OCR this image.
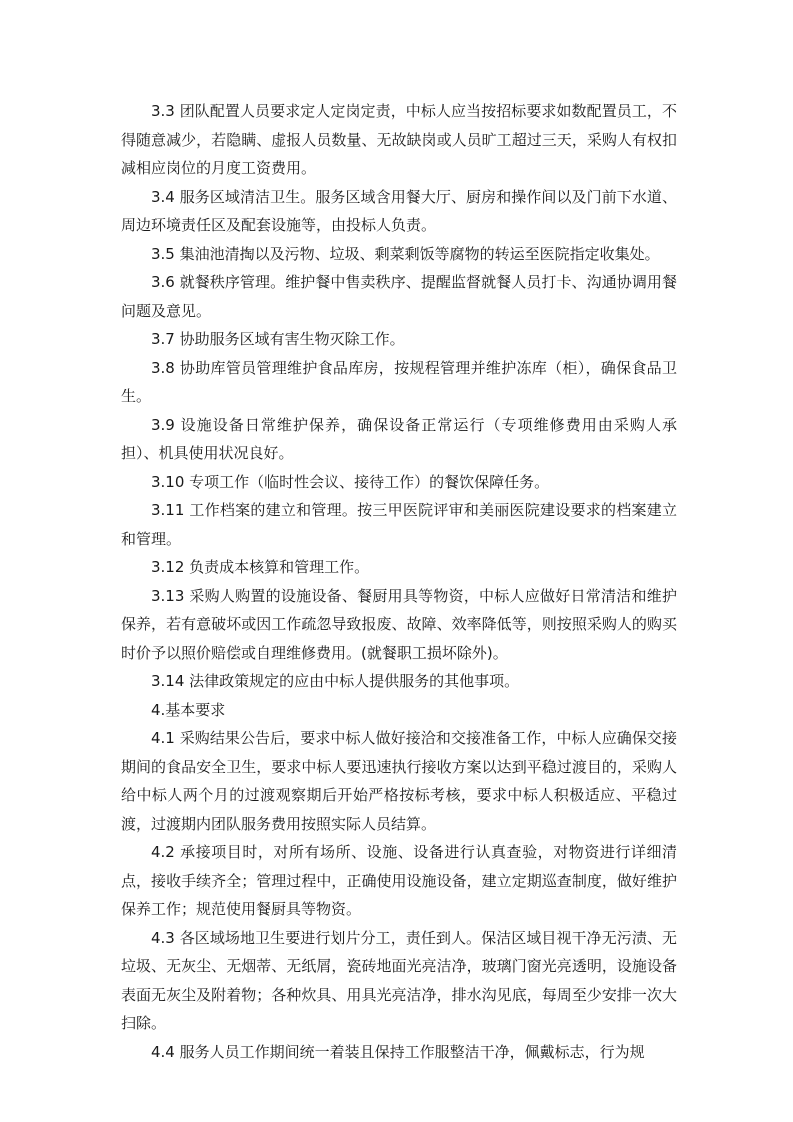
3.3 团队配置人员要求定人定岗定责，中标人应当按招标要求如数配置员工，不得随意减少，若隐瞒、虚报人员数量、无故缺岗或人员旷工超过三天，采购人有权扣减相应岗位的月度工资费用。

3.4 服务区域清洁卫生。服务区域含用餐大厅、厨房和操作间以及门前下水道、周边环境责任区及配套设施等，由投标人负责。

3.5 集油池清掏以及污物、垃圾、剩菜剩饭等腐物的转运至医院指定收集处。

3.6 就餐秩序管理。维护餐中售卖秩序、提醒监督就餐人员打卡、沟通协调用餐问题及意见。

3.7 协助服务区域有害生物灭除工作。

3.8 协助库管员管理维护食品库房，按规程管理并维护冻库（柜），确保食品卫生。

3.9 设施设备日常维护保养，确保设备正常运行（专项维修费用由采购人承担）、机具使用状况良好。

3.10 专项工作（临时性会议、接待工作）的餐饮保障任务。

3.11 工作档案的建立和管理。按三甲医院评审和美丽医院建设要求的档案建立和管理。

3.12 负责成本核算和管理工作。

3.13 采购人购置的设施设备、餐厨用具等物资，中标人应做好日常清洁和维护保养，若有意破坏或因工作疏忽导致报废、故障、效率降低等，则按照采购人的购买时价予以照价赔偿或自理维修费用。(就餐职工损坏除外)。

3.14 法律政策规定的应由中标人提供服务的其他事项。

4.基本要求

4.1 采购结果公告后，要求中标人做好接洽和交接准备工作，中标人应确保交接期间的食品安全卫生，要求中标人要迅速执行接收方案以达到平稳过渡目的，采购人给中标人两个月的过渡观察期后开始严格按标考核，要求中标人积极适应、平稳过渡，过渡期内团队服务费用按照实际人员结算。

4.2 承接项目时，对所有场所、设施、设备进行认真查验，对物资进行详细清点，接收手续齐全；管理过程中，正确使用设施设备，建立定期巡查制度，做好维护保养工作；规范使用餐厨具等物资。

4.3 各区域场地卫生要进行划片分工，责任到人。保洁区域目视干净无污渍、无垃圾、无灰尘、无烟蒂、无纸屑，瓷砖地面光亮洁净，玻璃门窗光亮透明，设施设备表面无灰尘及附着物；各种炊具、用具光亮洁净，排水沟见底，每周至少安排一次大扫除。

4.4 服务人员工作期间统一着装且保持工作服整洁干净，佩戴标志，行为规
